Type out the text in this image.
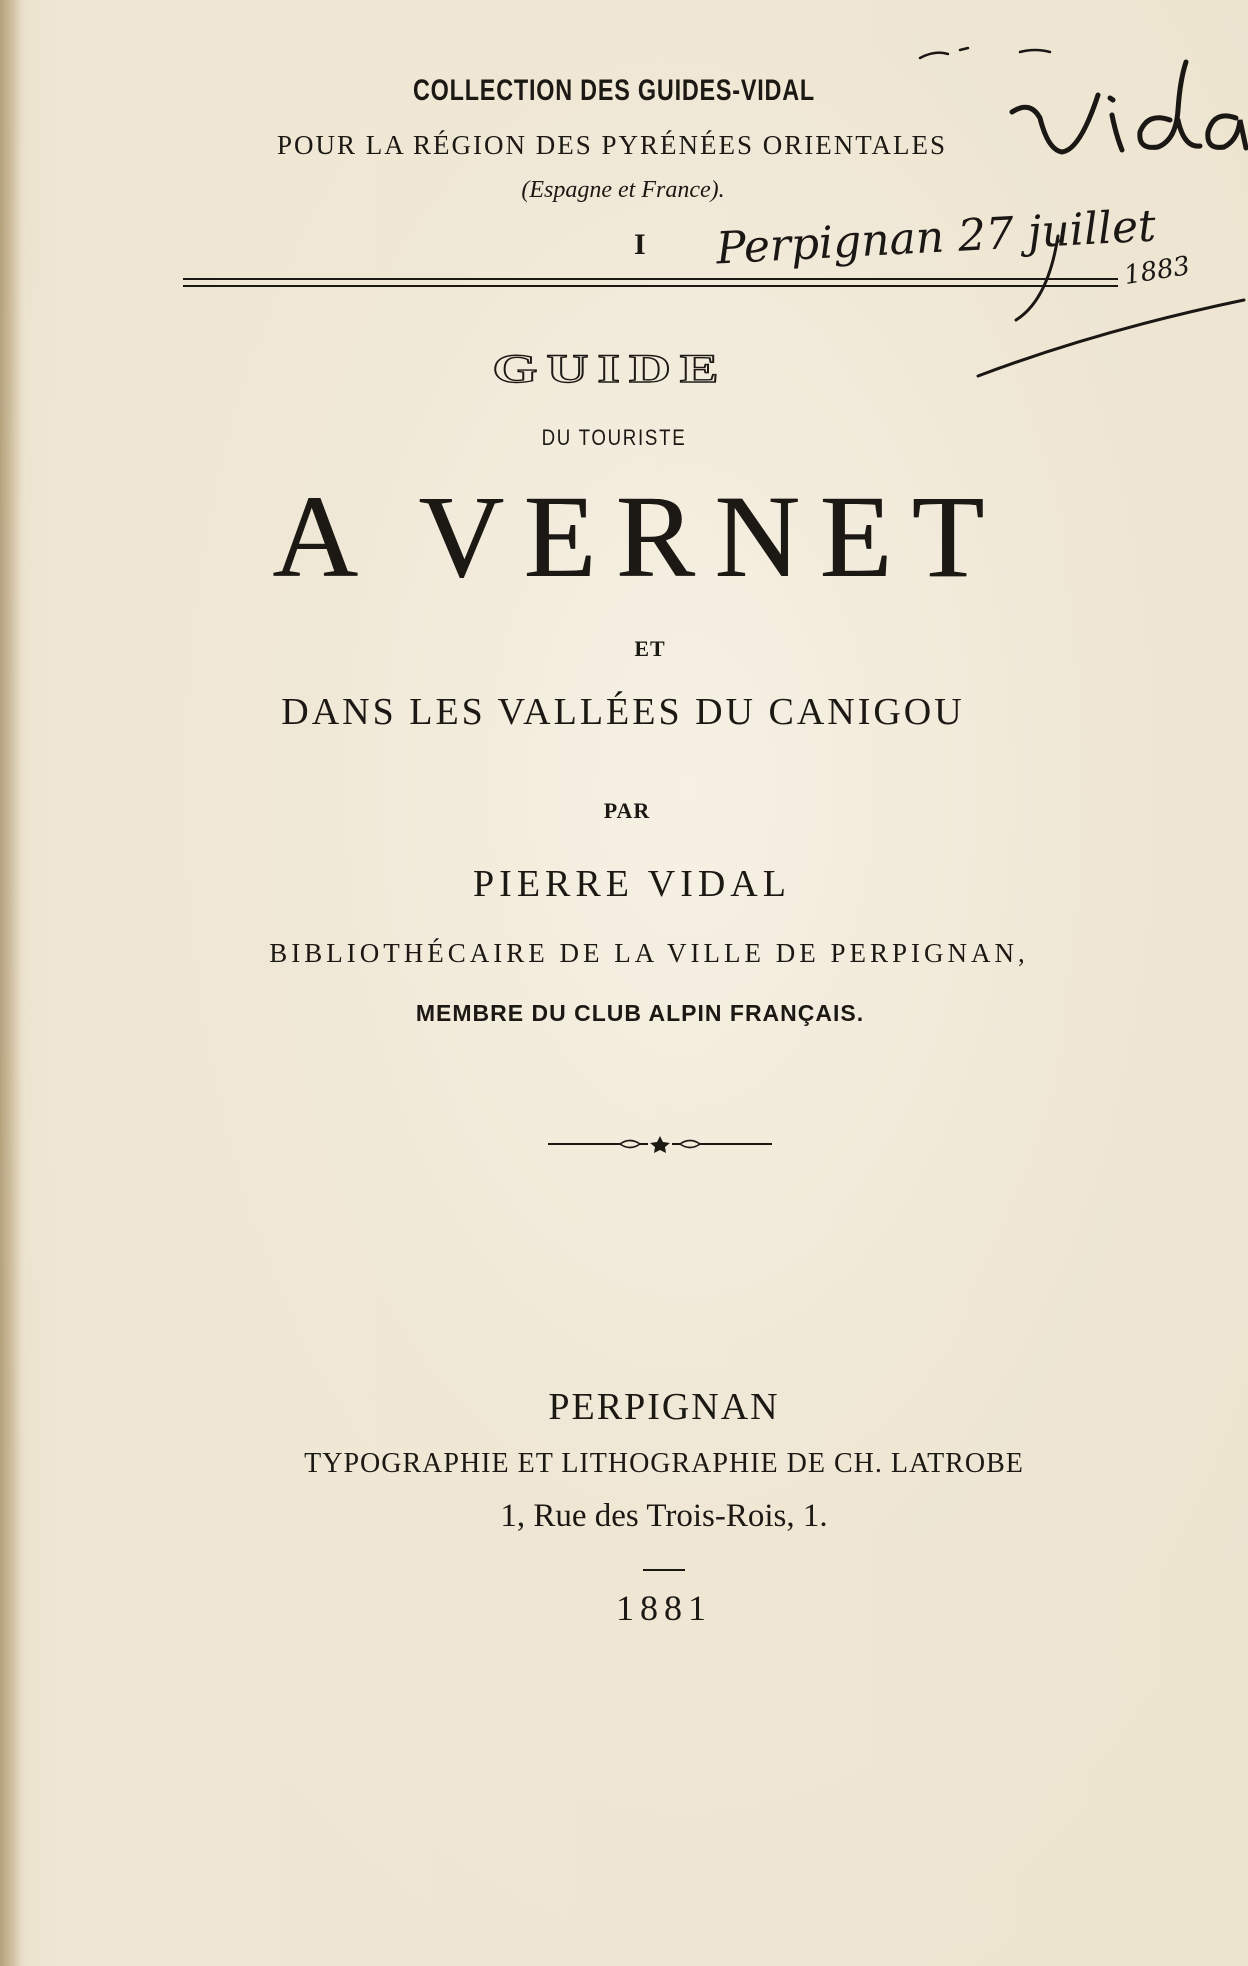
COLLECTION DES GUIDES-VIDAL
POUR LA RÉGION DES PYRÉNÉES ORIENTALES
(Espagne et France).
I
GUIDE
DU TOURISTE
A VERNET
ET
DANS LES VALLÉES DU CANIGOU
PAR
PIERRE VIDAL
BIBLIOTHÉCAIRE DE LA VILLE DE PERPIGNAN,
MEMBRE DU CLUB ALPIN FRANÇAIS.
PERPIGNAN
TYPOGRAPHIE ET LITHOGRAPHIE DE CH. LATROBE
1, Rue des Trois-Rois, 1.
1881
Perpignan 27 juillet
1883
